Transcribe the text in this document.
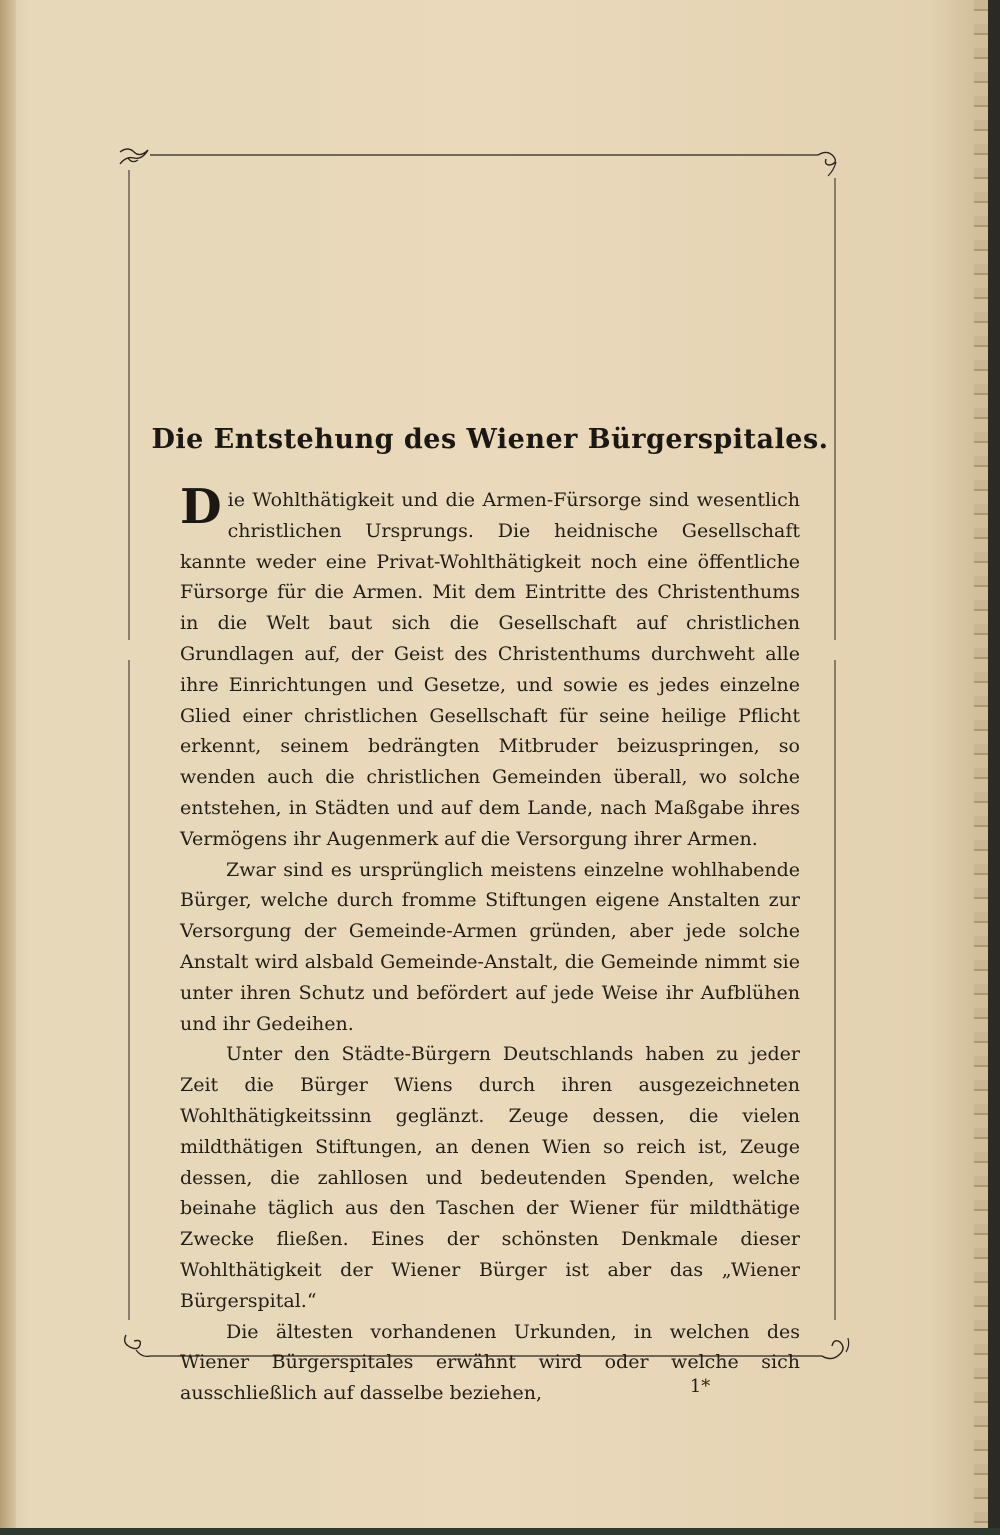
Die Entstehung des Wiener Bürgerspitales.

Die Wohlthätigkeit und die Armen-Fürsorge sind wesentlich christlichen Ursprungs. Die heidnische Gesellschaft kannte weder eine Privat-Wohlthätigkeit noch eine öffentliche Fürsorge für die Armen. Mit dem Eintritte des Christenthums in die Welt baut sich die Gesellschaft auf christlichen Grundlagen auf, der Geist des Christenthums durchweht alle ihre Einrichtungen und Gesetze, und sowie es jedes einzelne Glied einer christlichen Gesellschaft für seine heilige Pflicht erkennt, seinem bedrängten Mitbruder beizuspringen, so wenden auch die christlichen Gemeinden überall, wo solche entstehen, in Städten und auf dem Lande, nach Maßgabe ihres Vermögens ihr Augenmerk auf die Versorgung ihrer Armen.

Zwar sind es ursprünglich meistens einzelne wohlhabende Bürger, welche durch fromme Stiftungen eigene Anstalten zur Versorgung der Gemeinde-Armen gründen, aber jede solche Anstalt wird alsbald Gemeinde-Anstalt, die Gemeinde nimmt sie unter ihren Schutz und befördert auf jede Weise ihr Aufblühen und ihr Gedeihen.

Unter den Städte-Bürgern Deutschlands haben zu jeder Zeit die Bürger Wiens durch ihren ausgezeichneten Wohlthätigkeitssinn geglänzt. Zeuge dessen, die vielen mildthätigen Stiftungen, an denen Wien so reich ist, Zeuge dessen, die zahllosen und bedeutenden Spenden, welche beinahe täglich aus den Taschen der Wiener für mildthätige Zwecke fließen. Eines der schönsten Denkmale dieser Wohlthätigkeit der Wiener Bürger ist aber das „Wiener Bürgerspital.“

Die ältesten vorhandenen Urkunden, in welchen des Wiener Bürgerspitales erwähnt wird oder welche sich ausschließlich auf dasselbe beziehen,	1*
